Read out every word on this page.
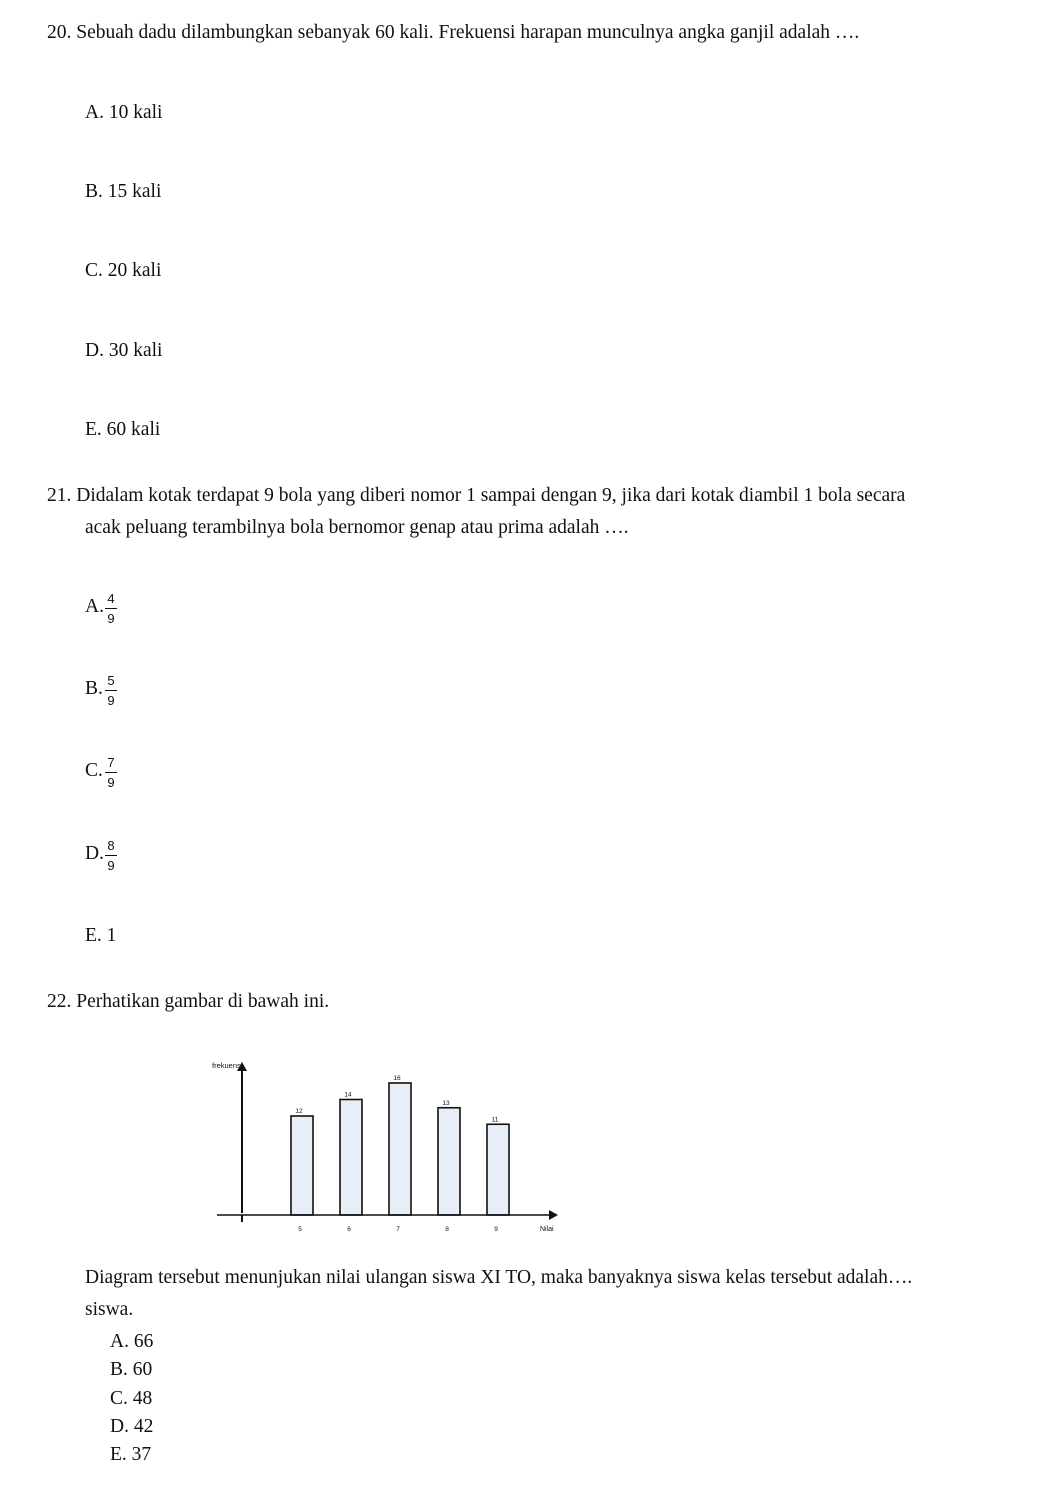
20. Sebuah dadu dilambungkan sebanyak 60 kali. Frekuensi harapan munculnya angka ganjil adalah ….
A. 10 kali
B. 15 kali
C. 20 kali
D. 30 kali
E. 60 kali
21. Didalam kotak terdapat 9 bola yang diberi nomor 1 sampai dengan 9, jika dari kotak diambil 1 bola secara
acak peluang terambilnya bola bernomor genap atau prima adalah ….
A. 4
9
B. 5
9
C. 7
9
D. 8
9
E. 1
22. Perhatikan gambar di bawah ini.
12
5
14
6
16
7
13
8
11
9
frekuensi
Nilai
Diagram tersebut menunjukan nilai ulangan siswa XI TO, maka banyaknya siswa kelas tersebut adalah….
siswa.
A. 66
B. 60
C. 48
D. 42
E. 37
